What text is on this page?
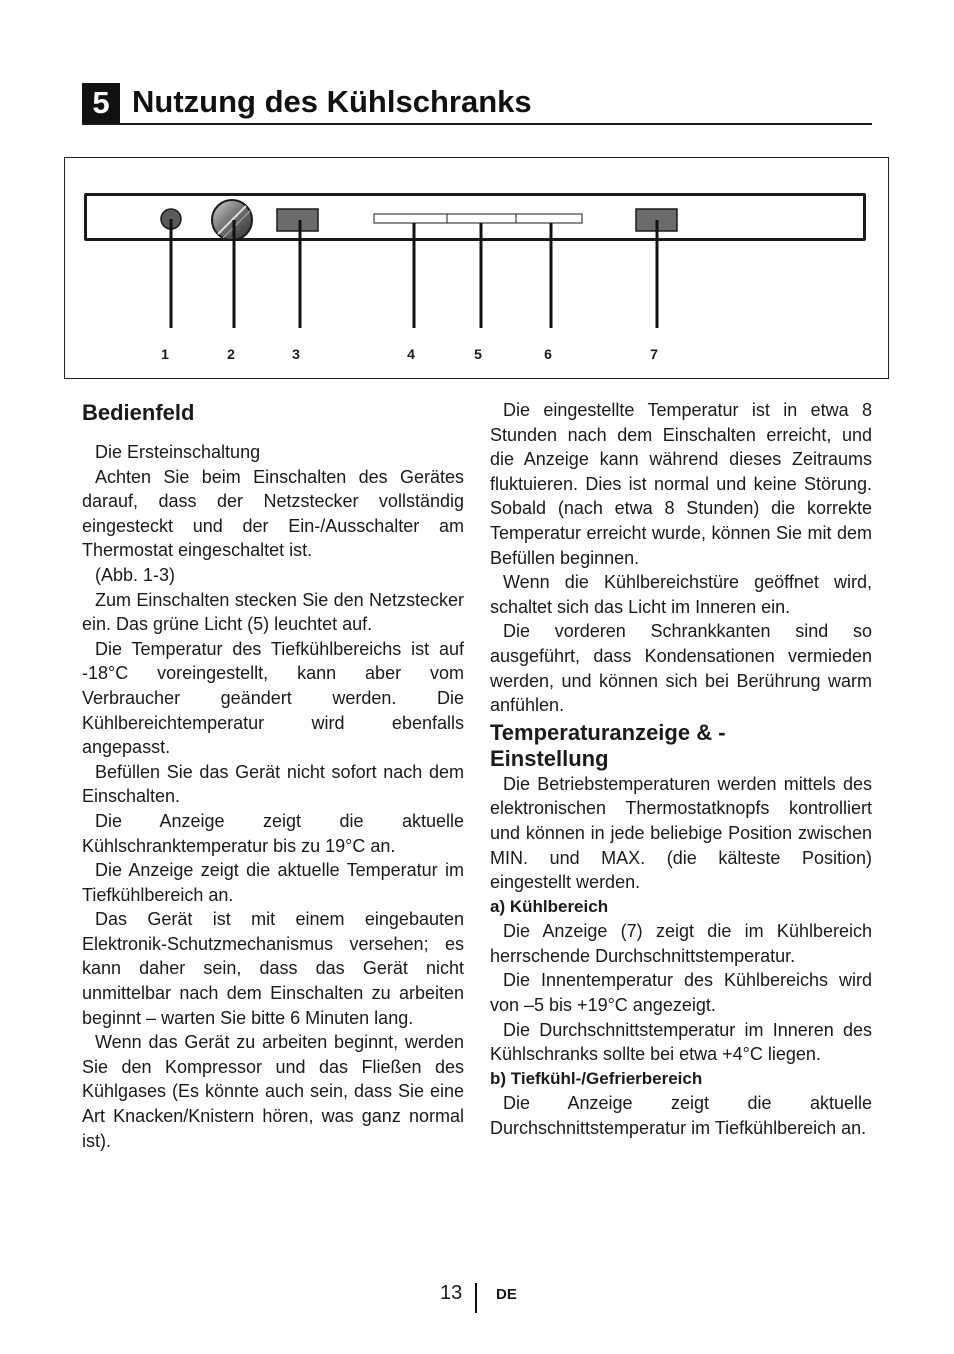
5 Nutzung des Kühlschranks
1	2	3	4	5	6	7
Bedienfeld

Die Ersteinschaltung

Achten Sie beim Einschalten des Gerätes darauf, dass der Netzstecker vollständig eingesteckt und der Ein-/Ausschalter am Thermostat eingeschaltet ist.

(Abb. 1-3)

Zum Einschalten stecken Sie den Netzstecker ein. Das grüne Licht (5) leuchtet auf.

Die Temperatur des Tiefkühlbereichs ist auf -18°C voreingestellt, kann aber vom Verbraucher geändert werden. Die Kühlbereichtemperatur wird ebenfalls angepasst.

Befüllen Sie das Gerät nicht sofort nach dem Einschalten.

Die Anzeige zeigt die aktuelle Kühlschranktemperatur bis zu 19°C an.

Die Anzeige zeigt die aktuelle Temperatur im Tiefkühlbereich an.

Das Gerät ist mit einem eingebauten Elektronik-Schutzmechanismus versehen; es kann daher sein, dass das Gerät nicht unmittelbar nach dem Einschalten zu arbeiten beginnt – warten Sie bitte 6 Minuten lang.

Wenn das Gerät zu arbeiten beginnt, werden Sie den Kompressor und das Fließen des Kühlgases (Es könnte auch sein, dass Sie eine Art Knacken/Knistern hören, was ganz normal ist).

Die eingestellte Temperatur ist in etwa 8 Stunden nach dem Einschalten erreicht, und die Anzeige kann während dieses Zeitraums fluktuieren. Dies ist normal und keine Störung. Sobald (nach etwa 8 Stunden) die korrekte Temperatur erreicht wurde, können Sie mit dem Befüllen beginnen.

Wenn die Kühlbereichstüre geöffnet wird, schaltet sich das Licht im Inneren ein.

Die vorderen Schrankkanten sind so ausgeführt, dass Kondensationen vermieden werden, und können sich bei Berührung warm anfühlen.

Temperaturanzeige & -Einstellung

Die Betriebstemperaturen werden mittels des elektronischen Thermostatknopfs kontrolliert und können in jede beliebige Position zwischen MIN. und MAX. (die kälteste Position) eingestellt werden.

a) Kühlbereich

Die Anzeige (7) zeigt die im Kühlbereich herrschende Durchschnittstemperatur.

Die Innentemperatur des Kühlbereichs wird von –5 bis +19°C angezeigt.

Die Durchschnittstemperatur im Inneren des Kühlschranks sollte bei etwa +4°C liegen.

b) Tiefkühl-/Gefrierbereich

Die Anzeige zeigt die aktuelle Durchschnittstemperatur im Tiefkühlbereich an.

13 DE
